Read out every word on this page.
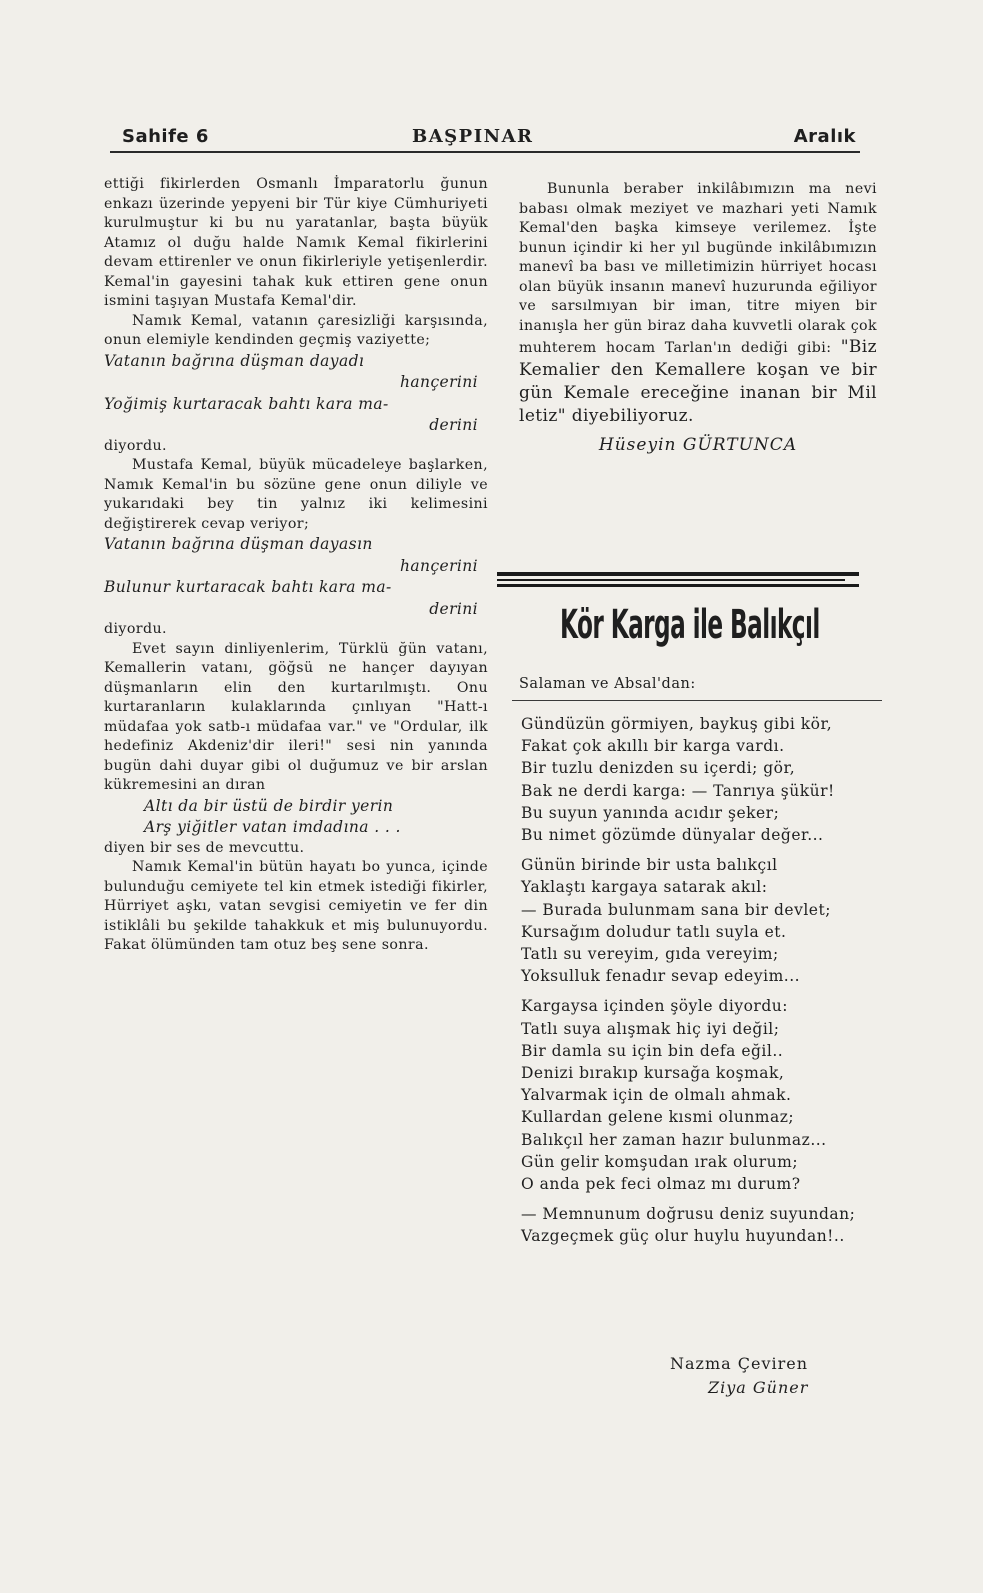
Sahife 6	BAŞPINAR	Aralık

ettiği fikirlerden Osmanlı İmparatorlu ğunun enkazı üzerinde yepyeni bir Tür kiye Cümhuriyeti kurulmuştur ki bu nu yaratanlar, başta büyük Atamız ol duğu halde Namık Kemal fikirlerini devam ettirenler ve onun fikirleriyle yetişenlerdir. Kemal'in gayesini tahak kuk ettiren gene onun ismini taşıyan Mustafa Kemal'dir.

Namık Kemal, vatanın çaresizliği karşısında, onun elemiyle kendinden geçmiş vaziyette;

Vatanın bağrına düşman dayadı

hançerini

Yoğimiş kurtaracak bahtı kara ma-

derini

diyordu.

Mustafa Kemal, büyük mücadeleye başlarken, Namık Kemal'in bu sözüne gene onun diliyle ve yukarıdaki bey tin yalnız iki kelimesini değiştirerek cevap veriyor;

Vatanın bağrına düşman dayasın

hançerini

Bulunur kurtaracak bahtı kara ma-

derini

diyordu.

Evet sayın dinliyenlerim, Türklü ğün vatanı, Kemallerin vatanı, göğsü ne hançer dayıyan düşmanların elin den kurtarılmıştı. Onu kurtaranların kulaklarında çınlıyan "Hatt-ı müdafaa yok satb-ı müdafaa var." ve "Ordular, ilk hedefiniz Akdeniz'dir ileri!" sesi nin yanında bugün dahi duyar gibi ol duğumuz ve bir arslan kükremesini an dıran

Altı da bir üstü de birdir yerin

Arş yiğitler vatan imdadına . . .

diyen bir ses de mevcuttu.

Namık Kemal'in bütün hayatı bo yunca, içinde bulunduğu cemiyete tel kin etmek istediği fikirler, Hürriyet aşkı, vatan sevgisi cemiyetin ve fer din istiklâli bu şekilde tahakkuk et miş bulunuyordu. Fakat ölümünden tam otuz beş sene sonra.

Bununla beraber inkilâbımızın ma nevi babası olmak meziyet ve mazhari yeti Namık Kemal'den başka kimseye verilemez. İşte bunun içindir ki her yıl bugünde inkilâbımızın manevî ba bası ve milletimizin hürriyet hocası olan büyük insanın manevî huzurunda eğiliyor ve sarsılmıyan bir iman, titre miyen bir inanışla her gün biraz daha kuvvetli olarak çok muhterem hocam Tarlan'ın dediği gibi: "Biz Kemalier den Kemallere koşan ve bir gün Kemale ereceğine inanan bir Mil letiz" diyebiliyoruz.

Hüseyin GÜRTUNCA

Kör Karga ile Balıkçıl
Salaman ve Absal'dan:
Gündüzün görmiyen, baykuş gibi kör,
Fakat çok akıllı bir karga vardı.
Bir tuzlu denizden su içerdi; gör,
Bak ne derdi karga: — Tanrıya şükür!
Bu suyun yanında acıdır şeker;
Bu nimet gözümde dünyalar değer...
Günün birinde bir usta balıkçıl
Yaklaştı kargaya satarak akıl:
— Burada bulunmam sana bir devlet;
Kursağım doludur tatlı suyla et.
Tatlı su vereyim, gıda vereyim;
Yoksulluk fenadır sevap edeyim...
Kargaysa içinden şöyle diyordu:
Tatlı suya alışmak hiç iyi değil;
Bir damla su için bin defa eğil..
Denizi bırakıp kursağa koşmak,
Yalvarmak için de olmalı ahmak.
Kullardan gelene kısmi olunmaz;
Balıkçıl her zaman hazır bulunmaz...
Gün gelir komşudan ırak olurum;
O anda pek feci olmaz mı durum?
— Memnunum doğrusu deniz suyundan;
Vazgeçmek güç olur huylu huyundan!..
Nazma Çeviren
Ziya Güner
